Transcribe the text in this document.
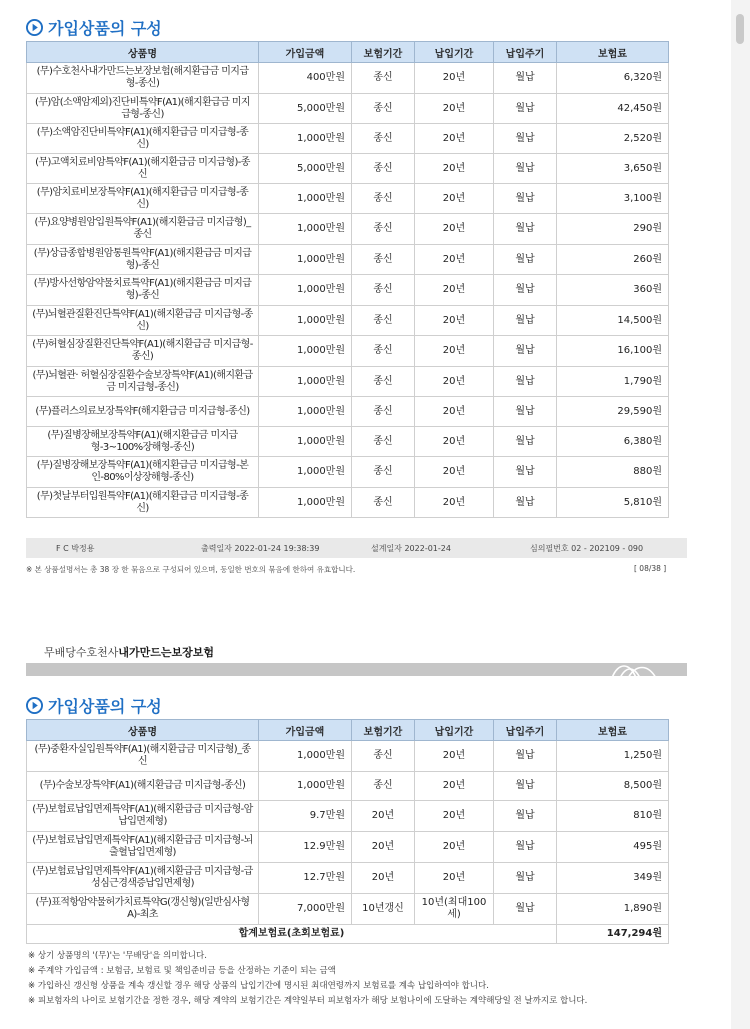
가입상품의 구성
상품명	가입금액	보험기간	납입기간	납입주기	보험료
(무)수호천사내가만드는보장보험(해지환급금 미지급형-종신)	400만원	종신	20년	월납	6,320원
(무)암(소액암제외)진단비특약F(A1)(해지환급금 미지급형-종신)	5,000만원	종신	20년	월납	42,450원
(무)소액암진단비특약F(A1)(해지환급금 미지급형-종신)	1,000만원	종신	20년	월납	2,520원
(무)고액치료비암특약F(A1)(해지환급금 미지급형)-종신	5,000만원	종신	20년	월납	3,650원
(무)암치료비보장특약F(A1)(해지환급금 미지급형-종신)	1,000만원	종신	20년	월납	3,100원
(무)요양병원암입원특약F(A1)(해지환급금 미지급형)_종신	1,000만원	종신	20년	월납	290원
(무)상급종합병원암통원특약F(A1)(해지환급금 미지급형)-종신	1,000만원	종신	20년	월납	260원
(무)방사선항암약물치료특약F(A1)(해지환급금 미지급형)-종신	1,000만원	종신	20년	월납	360원
(무)뇌혈관질환진단특약F(A1)(해지환급금 미지급형-종신)	1,000만원	종신	20년	월납	14,500원
(무)허혈심장질환진단특약F(A1)(해지환급금 미지급형-종신)	1,000만원	종신	20년	월납	16,100원
(무)뇌혈관· 허혈심장질환수술보장특약F(A1)(해지환급금 미지급형-종신)	1,000만원	종신	20년	월납	1,790원
(무)플러스의료보장특약F(해지환급금 미지급형-종신)	1,000만원	종신	20년	월납	29,590원
(무)질병장해보장특약F(A1)(해지환급금 미지급형-3~100%장해형-종신)	1,000만원	종신	20년	월납	6,380원
(무)질병장해보장특약F(A1)(해지환급금 미지급형-본인-80%이상장해형-종신)	1,000만원	종신	20년	월납	880원
(무)첫날부터입원특약F(A1)(해지환급금 미지급형-종신)	1,000만원	종신	20년	월납	5,810원
F C 박정용	출력일자 2022-01-24 19:38:39	설계일자 2022-01-24	심의필번호 02 - 202109 - 090
※ 본 상품설명서는 총 38 장 한 묶음으로 구성되어 있으며, 동일한 번호의 묶음에 한하여 유효합니다.	[ 08/38 ]
무배당수호천사내가만드는보장보험
가입상품의 구성
상품명	가입금액	보험기간	납입기간	납입주기	보험료
(무)중환자실입원특약F(A1)(해지환급금 미지급형)_종신	1,000만원	종신	20년	월납	1,250원
(무)수술보장특약F(A1)(해지환급금 미지급형-종신)	1,000만원	종신	20년	월납	8,500원
(무)보험료납입면제특약F(A1)(해지환급금 미지급형-암납입면제형)	9.7만원	20년	20년	월납	810원
(무)보험료납입면제특약F(A1)(해지환급금 미지급형-뇌출혈납입면제형)	12.9만원	20년	20년	월납	495원
(무)보험료납입면제특약F(A1)(해지환급금 미지급형-급성심근경색증납입면제형)	12.7만원	20년	20년	월납	349원
(무)표적항암약물허가치료특약G(갱신형)(일반심사형A)-최초	7,000만원	10년갱신	10년(최대100세)	월납	1,890원
합계보험료(초회보험료)					147,294원
※ 상기 상품명의 '(무)'는 '무배당'을 의미합니다.
※ 주계약 가입금액 : 보험금, 보험료 및 책임준비금 등을 산정하는 기준이 되는 금액
※ 가입하신 갱신형 상품을 계속 갱신할 경우 해당 상품의 납입기간에 명시된 최대연령까지 보험료를 계속 납입하여야 합니다.
※ 피보험자의 나이로 보험기간을 정한 경우, 해당 계약의 보험기간은 계약일부터 피보험자가 해당 보험나이에 도달하는 계약해당일 전 날까지로 합니다.
